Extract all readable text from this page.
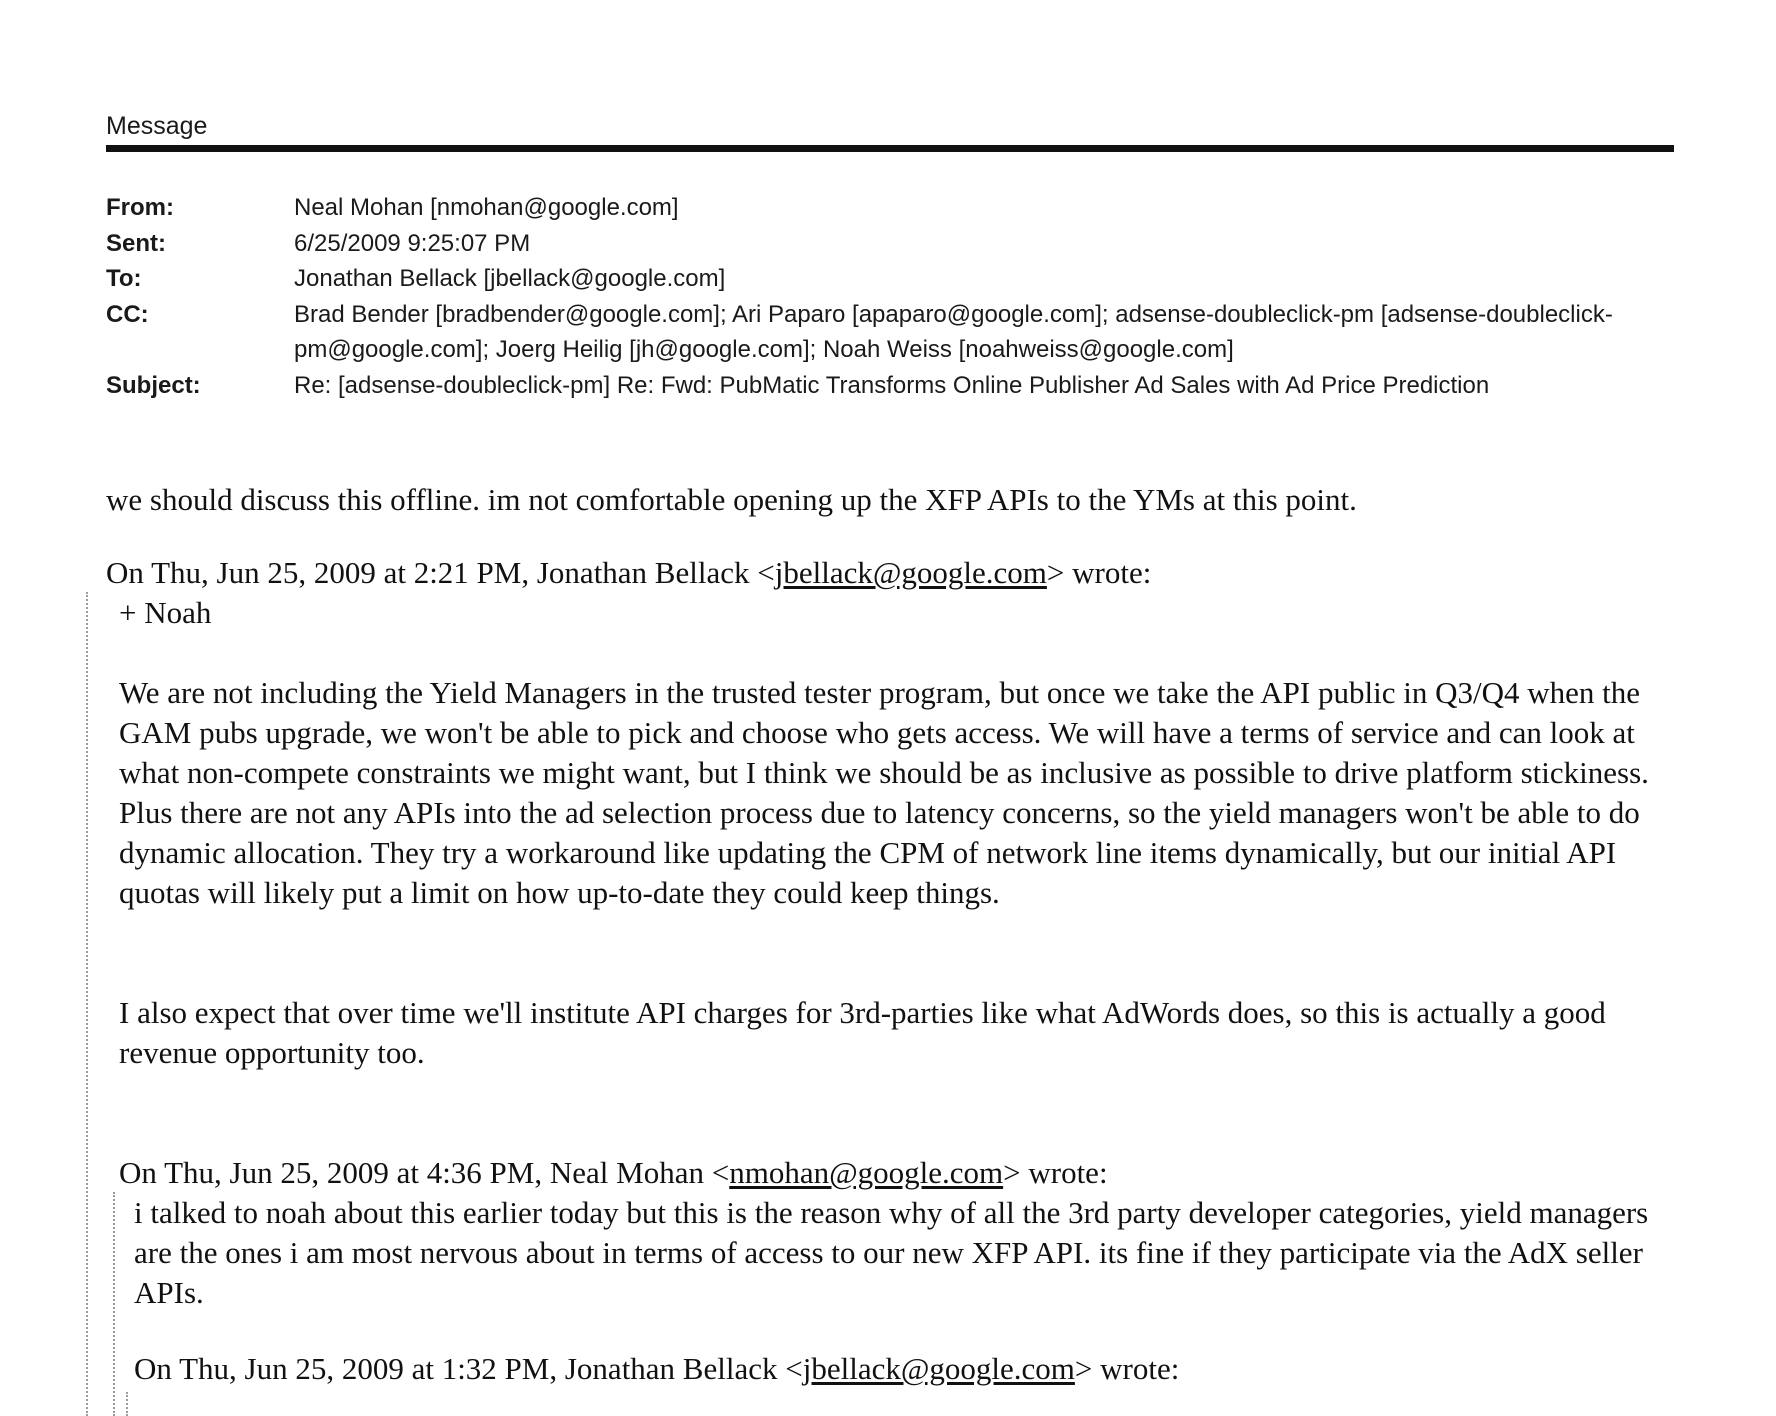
Message
From:	Neal Mohan [nmohan@google.com]
Sent:	6/25/2009 9:25:07 PM
To:	Jonathan Bellack [jbellack@google.com]
CC:	Brad Bender [bradbender@google.com]; Ari Paparo [apaparo@google.com]; adsense-doubleclick-pm [adsense-doubleclick-pm@google.com]; Joerg Heilig [jh@google.com]; Noah Weiss [noahweiss@google.com]
Subject:	Re: [adsense-doubleclick-pm] Re: Fwd: PubMatic Transforms Online Publisher Ad Sales with Ad Price Prediction
we should discuss this offline. im not comfortable opening up the XFP APIs to the YMs at this point.
On Thu, Jun 25, 2009 at 2:21 PM, Jonathan Bellack <jbellack@google.com> wrote:
+ Noah
We are not including the Yield Managers in the trusted tester program, but once we take the API public in Q3/Q4 when the GAM pubs upgrade, we won't be able to pick and choose who gets access. We will have a terms of service and can look at what non-compete constraints we might want, but I think we should be as inclusive as possible to drive platform stickiness. Plus there are not any APIs into the ad selection process due to latency concerns, so the yield managers won't be able to do dynamic allocation. They try a workaround like updating the CPM of network line items dynamically, but our initial API quotas will likely put a limit on how up-to-date they could keep things.
I also expect that over time we'll institute API charges for 3rd-parties like what AdWords does, so this is actually a good revenue opportunity too.
On Thu, Jun 25, 2009 at 4:36 PM, Neal Mohan <nmohan@google.com> wrote:
i talked to noah about this earlier today but this is the reason why of all the 3rd party developer categories, yield managers are the ones i am most nervous about in terms of access to our new XFP API. its fine if they participate via the AdX seller APIs.
On Thu, Jun 25, 2009 at 1:32 PM, Jonathan Bellack <jbellack@google.com> wrote:
